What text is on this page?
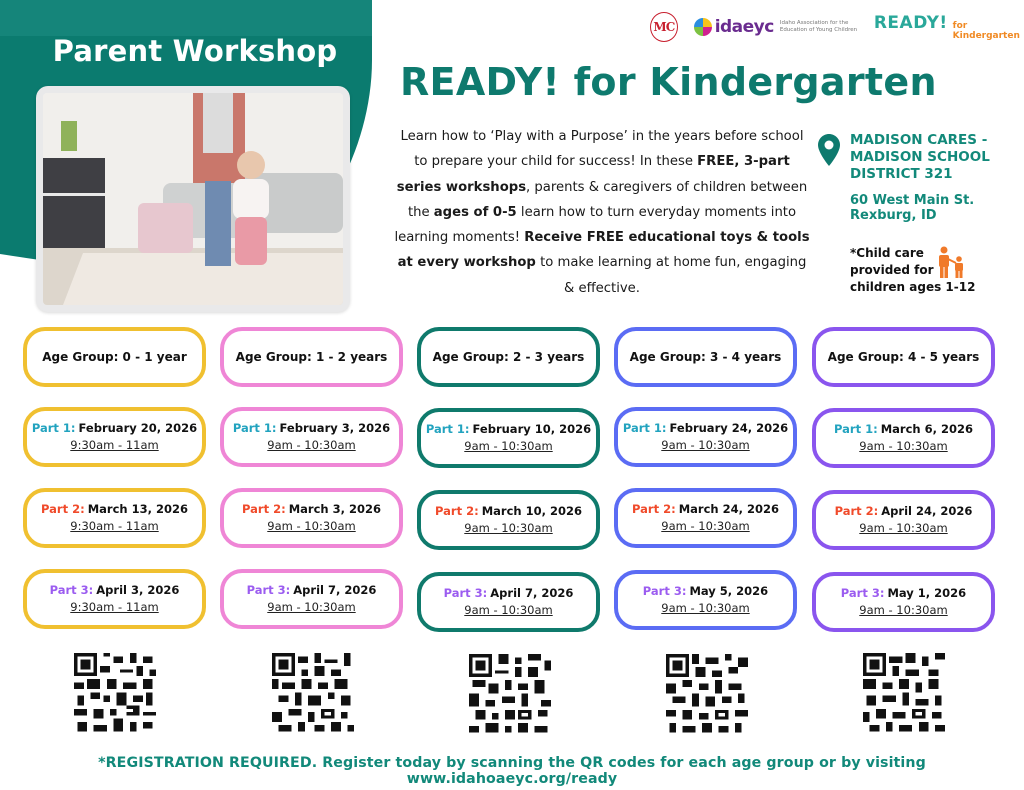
Parent Workshop
MC idaeyc Idaho Association for the Education of Young Children READY! for Kindergarten
READY! for Kindergarten
Learn how to ‘Play with a Purpose’ in the years before school to prepare your child for success! In these FREE, 3-part series workshops, parents & caregivers of children between the ages of 0-5 learn how to turn everyday moments into learning moments! Receive FREE educational toys & tools at every workshop to make learning at home fun, engaging & effective.
MADISON CARES - MADISON SCHOOL DISTRICT 321
60 West Main St.
Rexburg, ID
*Child care provided for children ages 1-12
Age Group: 0 - 1 year
Part 1: February 20, 2026
9:30am - 11am
Part 2: March 13, 2026
9:30am - 11am
Part 3: April 3, 2026
9:30am - 11am
Age Group: 1 - 2 years
Part 1: February 3, 2026
9am - 10:30am
Part 2: March 3, 2026
9am - 10:30am
Part 3: April 7, 2026
9am - 10:30am
Age Group: 2 - 3 years
Part 1: February 10, 2026
9am - 10:30am
Part 2: March 10, 2026
9am - 10:30am
Part 3: April 7, 2026
9am - 10:30am
Age Group: 3 - 4 years
Part 1: February 24, 2026
9am - 10:30am
Part 2: March 24, 2026
9am - 10:30am
Part 3: May 5, 2026
9am - 10:30am
Age Group: 4 - 5 years
Part 1: March 6, 2026
9am - 10:30am
Part 2: April 24, 2026
9am - 10:30am
Part 3: May 1, 2026
9am - 10:30am
*REGISTRATION REQUIRED. Register today by scanning the QR codes for each age group or by visiting www.idahoaeyc.org/ready
